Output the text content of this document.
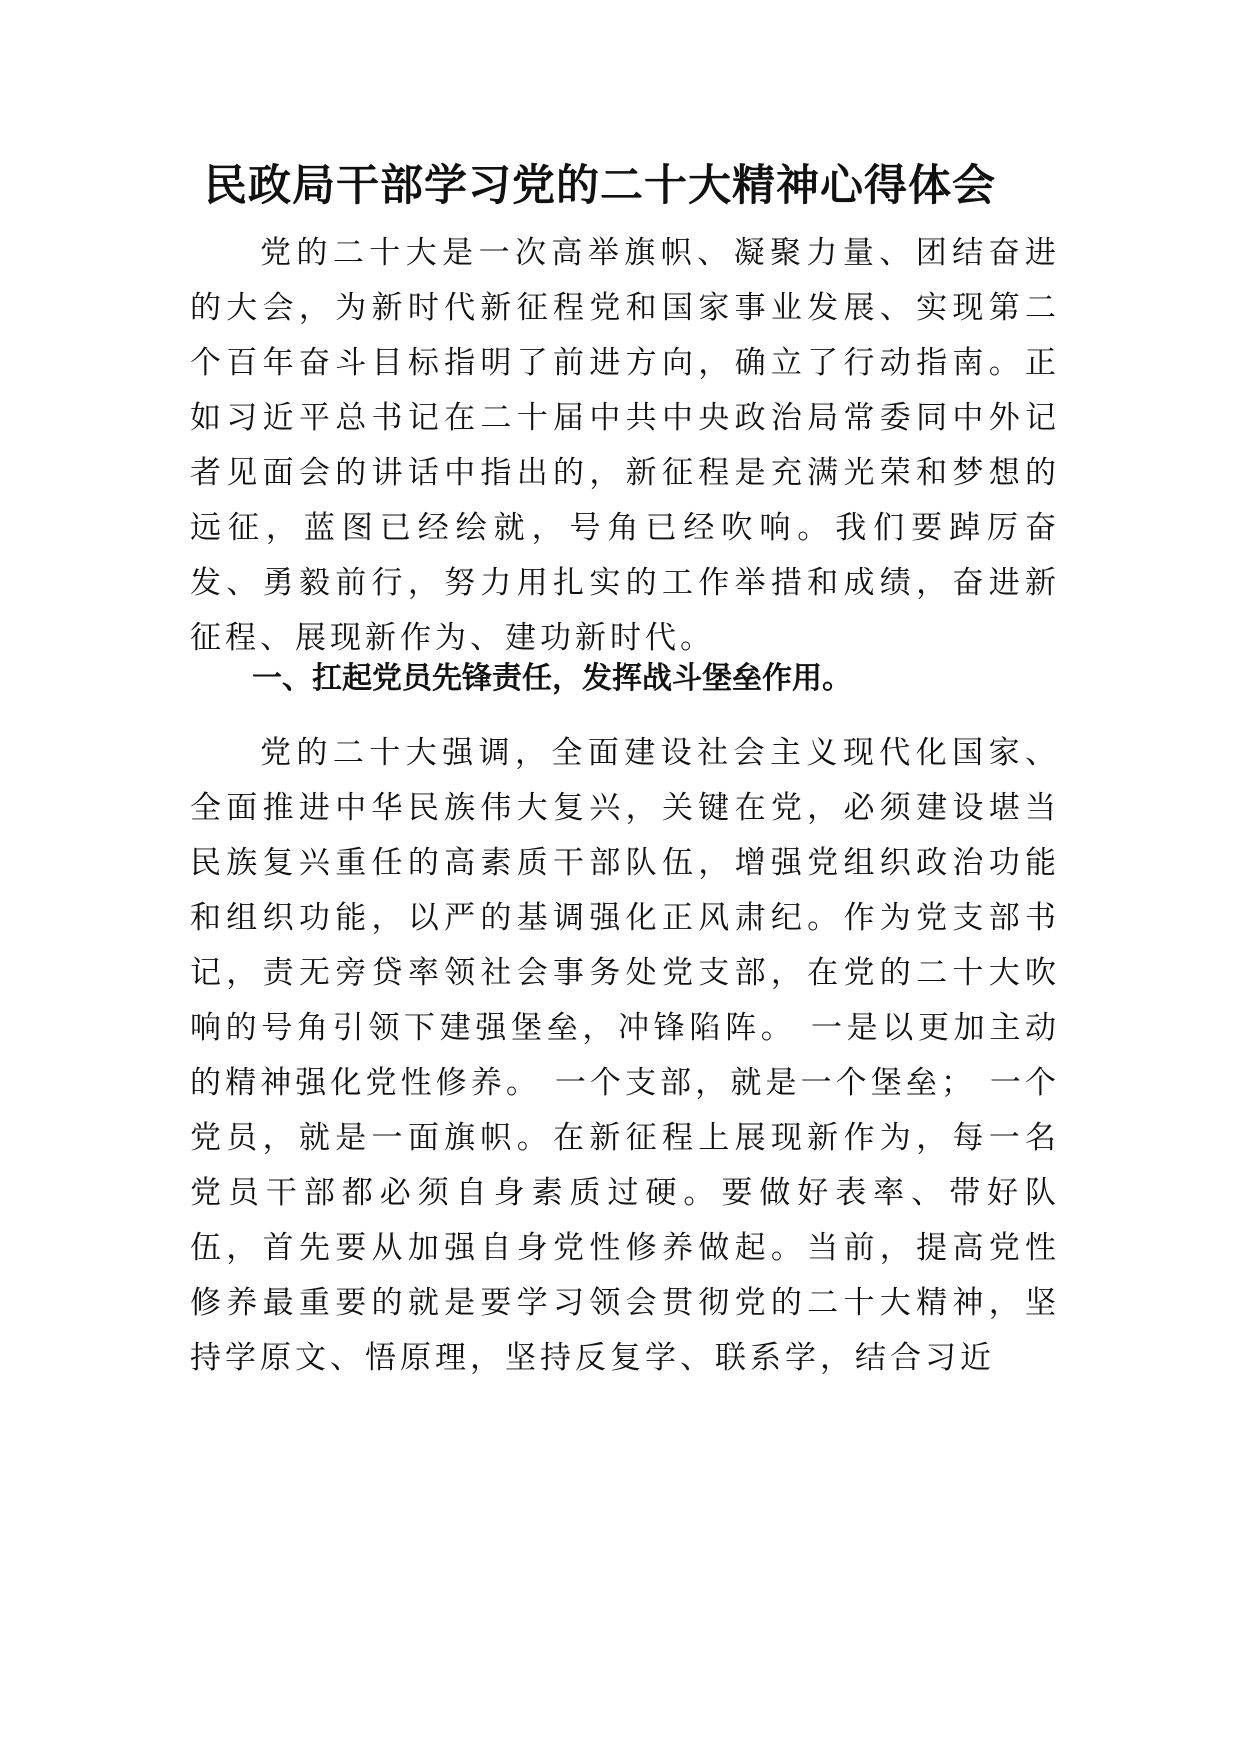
民政局干部学习党的二十大精神心得体会

党的二十大是一次高举旗帜、凝聚力量、团结奋进的大会，为新时代新征程党和国家事业发展、实现第二个百年奋斗目标指明了前进方向，确立了行动指南。正如习近平总书记在二十届中共中央政治局常委同中外记者见面会的讲话中指出的，新征程是充满光荣和梦想的远征，蓝图已经绘就，号角已经吹响。我们要踔厉奋发、勇毅前行，努力用扎实的工作举措和成绩，奋进新征程、展现新作为、建功新时代。

一、扛起党员先锋责任，发挥战斗堡垒作用。

党的二十大强调，全面建设社会主义现代化国家、全面推进中华民族伟大复兴，关键在党，必须建设堪当民族复兴重任的高素质干部队伍，增强党组织政治功能和组织功能，以严的基调强化正风肃纪。作为党支部书记，责无旁贷率领社会事务处党支部，在党的二十大吹响的号角引领下建强堡垒，冲锋陷阵。 一是以更加主动的精神强化党性修养。 一个支部，就是一个堡垒； 一个党员，就是一面旗帜。在新征程上展现新作为，每一名党员干部都必须自身素质过硬。要做好表率、带好队伍，首先要从加强自身党性修养做起。当前，提高党性修养最重要的就是要学习领会贯彻党的二十大精神，坚持学原文、悟原理，坚持反复学、联系学，结合习近
